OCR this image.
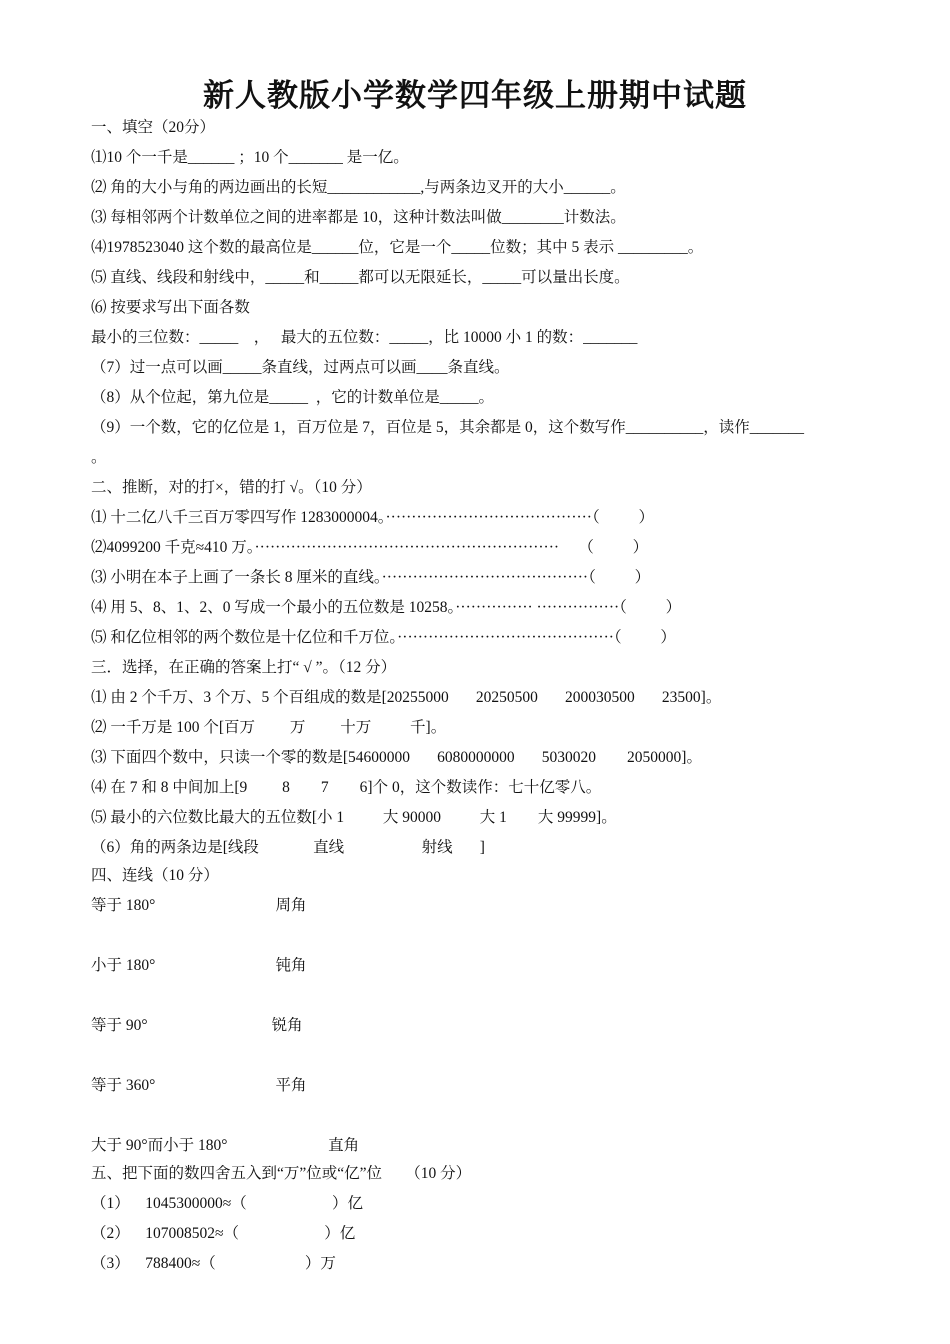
新人教版小学数学四年级上册期中试题
一、填空（20分）
⑴10 个一千是______ ；10 个_______ 是一亿。
⑵ 角的大小与角的两边画出的长短____________,与两条边叉开的大小______。
⑶ 每相邻两个计数单位之间的进率都是 10，这种计数法叫做________计数法。
⑷1978523040 这个数的最高位是______位，它是一个_____位数；其中 5 表示 _________。
⑸ 直线、线段和射线中，_____和_____都可以无限延长，_____可以量出长度。
⑹ 按要求写出下面各数
最小的三位数：_____    ，   最大的五位数：_____，比 10000 小 1 的数：_______
（7）过一点可以画_____条直线，过两点可以画____条直线。
（8）从个位起，第九位是_____  ，它的计数单位是_____。
（9）一个数，它的亿位是 1，百万位是 7，百位是 5，其余都是 0，这个数写作__________，读作_______
。
二、推断，对的打×，错的打 √。（10 分）
⑴ 十二亿八千三百万零四写作 1283000004。········································（          ）
⑵4099200 千克≈410 万。···························································     （          ）
⑶ 小明在本子上画了一条长 8 厘米的直线。········································（          ）
⑷ 用 5、8、1、2、0 写成一个最小的五位数是 10258。··············· ················（          ）
⑸ 和亿位相邻的两个数位是十亿位和千万位。··········································（          ）
三．选择，在正确的答案上打“ √ ”。（12 分）
⑴ 由 2 个千万、3 个万、5 个百组成的数是[20255000       20250500       200030500       23500]。
⑵ 一千万是 100 个[百万         万         十万          千]。
⑶ 下面四个数中，只读一个零的数是[54600000       6080000000       5030020        2050000]。
⑷ 在 7 和 8 中间加上[9         8        7        6]个 0，这个数读作：七十亿零八。
⑸ 最小的六位数比最大的五位数[小 1          大 90000          大 1        大 99999]。
（6）角的两条边是[线段              直线                    射线       ]
四、连线（10 分）
等于 180°                               周角
小于 180°                               钝角
等于 90°                                锐角
等于 360°                               平角
大于 90°而小于 180°                          直角
五、把下面的数四舍五入到“万”位或“亿”位      （10 分）
（1）    1045300000≈（                      ）亿
（2）    107008502≈（                      ）亿
（3）    788400≈（                       ）万
